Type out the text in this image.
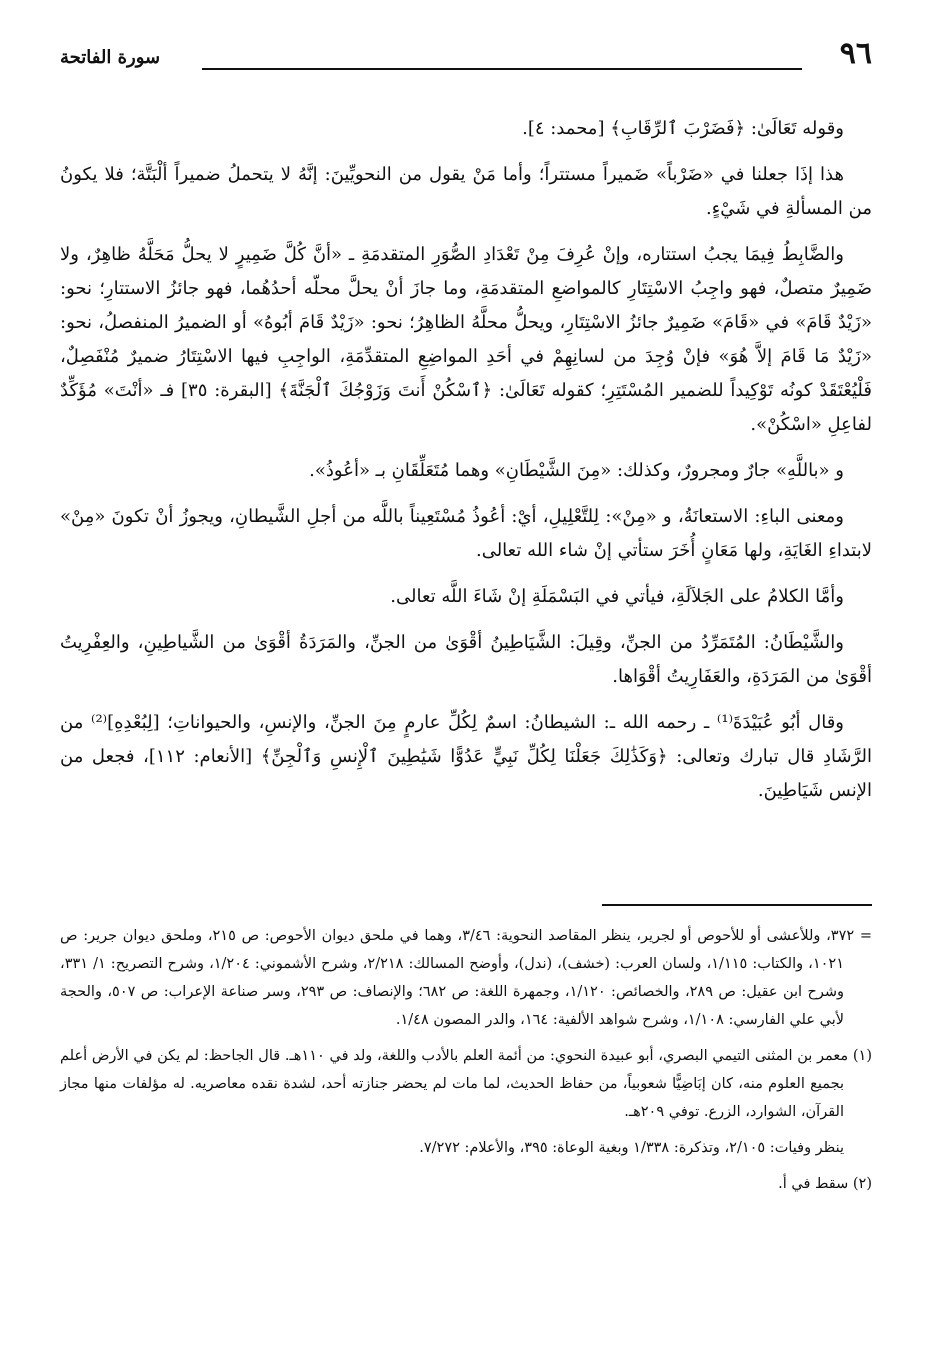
٩٦
سورة الفاتحة

وقوله تَعَالَىٰ: ﴿فَضَرْبَ ٱلرِّقَابِ﴾ [محمد: ٤].

هذا إذَا جعلنا في «ضَرْباً» ضَميراً مستتراً؛ وأما مَنْ يقول من النحويِّينَ: إنَّهُ لا يتحملُ ضميراً ألْبَتَّة؛ فلا يكونُ من المسألةِ في شَيْءٍ.

والضَّابِطُ فِيمَا يجبُ استتاره، وإنْ عُرِفَ مِنْ تَعْدَادِ الصُّوَرِ المتقدمَةِ ـ «أنَّ كُلَّ ضَمِيرٍ لا يحلُّ مَحَلَّهُ ظاهِرٌ، ولا ضَمِيرٌ متصلٌ، فهو واجِبُ الاسْتِتَارِ كالمواضعِ المتقدمَةِ، وما جازَ أنْ يحلَّ محلّه أحدُهُما، فهو جائزُ الاستتارِ؛ نحو: «زَيْدٌ قَامَ» في «قَامَ» ضَمِيرٌ جائزُ الاسْتِتَارِ، ويحلُّ محلَّهُ الظاهِرُ؛ نحو: «زَيْدٌ قَامَ أبُوهُ» أو الضميرُ المنفصلُ، نحو: «زَيْدٌ مَا قَامَ إلاَّ هُوَ» فإنْ وُجِدَ من لسانِهِمْ في أحَدِ المواضِعِ المتقدِّمَةِ، الواجِبِ فيها الاسْتِتَارُ ضميرٌ مُنْفَصِلٌ، فَلْيُعْتَقَدْ كونُه تَوْكِيداً للضمير المُسْتَتِرِ؛ كقوله تَعَالَىٰ: ﴿ٱسْكُنْ أَنتَ وَزَوْجُكَ ٱلْجَنَّةَ﴾ [البقرة: ٣٥] فـ «أنْتَ» مُؤَكِّدٌ لفاعِلِ «اسْكُنْ».

و «باللَّهِ» جارٌ ومجرورٌ، وكذلك: «مِنَ الشَّيْطَانِ» وهما مُتَعَلِّقَانِ بـ «أعُوذُ».

ومعنى الباءِ: الاستعانَةُ، و «مِنْ»: لِلتَّعْلِيلِ، أيْ: أعُوذُ مُسْتَعِيناً باللَّه من أجلِ الشَّيطانِ، ويجوزُ أنْ تكونَ «مِنْ» لابتداءِ الغَايَةِ، ولها مَعَانٍ أُخَرَ ستأتي إنْ شاء الله تعالى.

وأمَّا الكلامُ على الجَلاَلَةِ، فيأتي في البَسْمَلَةِ إنْ شَاءَ اللَّه تعالى.

والشَّيْطَانُ: المُتَمَرِّدُ من الجنِّ، وقِيلَ: الشَّيَاطِينُ أقْوَىٰ من الجنِّ، والمَرَدَةُ أقْوَىٰ من الشَّياطِينِ، والعِفْرِيتُ أقْوَىٰ من المَرَدَةِ، والعَفَارِيتُ أقْوَاها.

وقال أبُو عُبَيْدَةَ⁽¹⁾ ـ رحمه الله ـ: الشيطانُ: اسمٌ لِكُلِّ عارمٍ مِنَ الجنِّ، والإنسِ، والحيواناتِ؛ [لِبُعْدِهِ]⁽²⁾ من الرَّشَادِ قال تبارك وتعالى: ﴿وَكَذَٰلِكَ جَعَلْنَا لِكُلِّ نَبِيٍّ عَدُوًّا شَيَٰطِينَ ٱلْإِنسِ وَٱلْجِنِّ﴾ [الأنعام: ١١٢]، فجعل من الإنس شَيَاطِينَ.

= ٣٧٢، وللأعشى أو للأحوص أو لجرير، ينظر المقاصد النحوية: ٣/٤٦، وهما في ملحق ديوان الأحوص: ص ٢١٥، وملحق ديوان جرير: ص ١٠٢١، والكتاب: ١/١١٥، ولسان العرب: (خشف)، (ندل)، وأوضح المسالك: ٢/٢١٨، وشرح الأشموني: ١/٢٠٤، وشرح التصريح: ١/ ٣٣١، وشرح ابن عقيل: ص ٢٨٩، والخصائص: ١/١٢٠، وجمهرة اللغة: ص ٦٨٢؛ والإنصاف: ص ٢٩٣، وسر صناعة الإعراب: ص ٥٠٧، والحجة لأبي علي الفارسي: ١/١٠٨، وشرح شواهد الألفية: ١٦٤، والدر المصون ١/٤٨.

(١) معمر بن المثنى التيمي البصري، أبو عبيدة النحوي: من أئمة العلم بالأدب واللغة، ولد في ١١٠هـ. قال الجاحظ: لم يكن في الأرض أعلم بجميع العلوم منه، كان إبَاضِيًّا شعوبياً، من حفاظ الحديث، لما مات لم يحضر جنازته أحد، لشدة نقده معاصريه. له مؤلفات منها مجاز القرآن، الشوارد، الزرع. توفي ٢٠٩هـ.

ينظر وفيات: ٢/١٠٥، وتذكرة: ١/٣٣٨ وبغية الوعاة: ٣٩٥، والأعلام: ٧/٢٧٢.

(٢) سقط في أ.
